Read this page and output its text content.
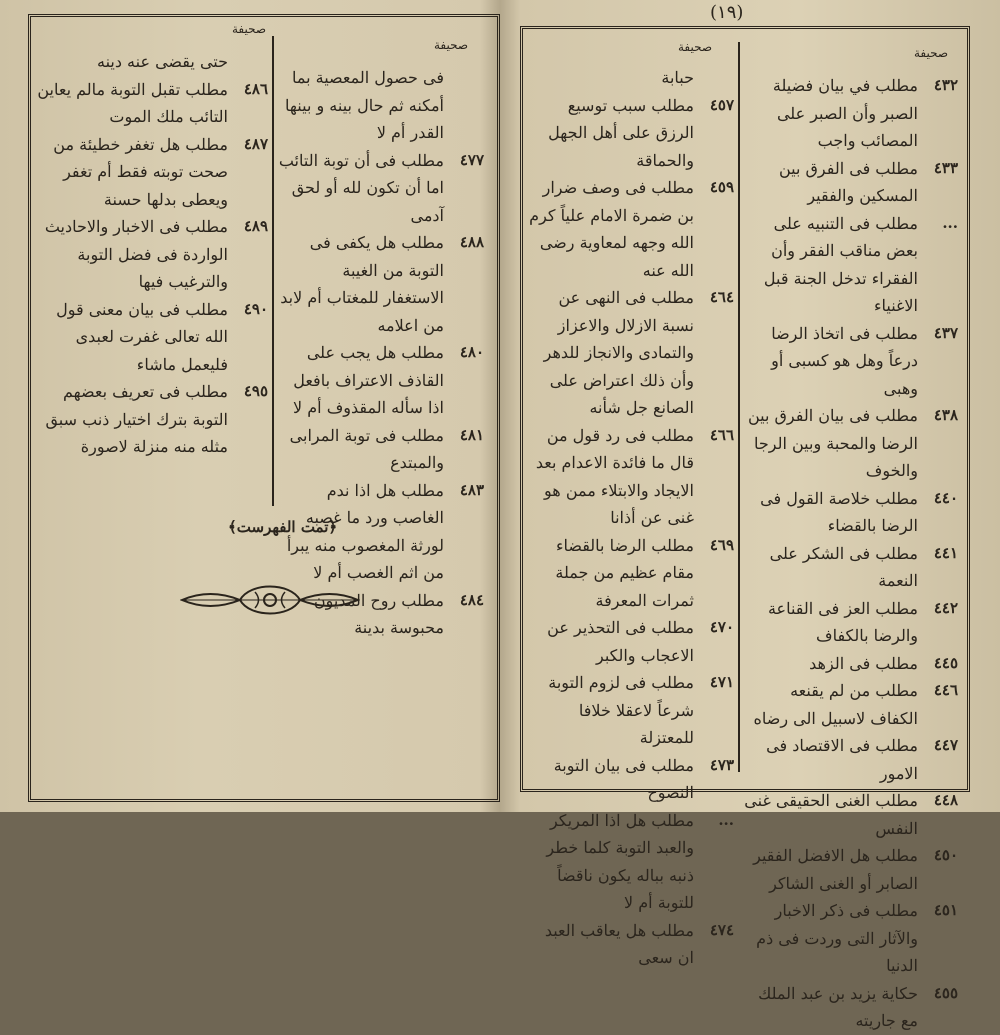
صحيفة
صحيفة
فى حصول المعصية بما أمكنه ثم حال بينه و بينها القدر أم لا
٤٧٧
مطلب فى أن توبة التائب اما أن تكون لله أو لحق آدمى
٤٨٨
مطلب هل يكفى فى التوبة من الغيبة الاستغفار للمغتاب أم لابد من اعلامه
٤٨٠
مطلب هل يجب على القاذف الاعتراف بافعل اذا سأله المقذوف أم لا
٤٨١
مطلب فى توبة المرابى والمبتدع
٤٨٣
مطلب هل اذا ندم الغاصب ورد ما غصبه لورثة المغصوب منه يبرأ من اثم الغصب أم لا
٤٨٤
مطلب روح المديون محبوسة بدينة
حتى يقضى عنه دينه
٤٨٦
مطلب تقبل التوبة مالم يعاين التائب ملك الموت
٤٨٧
مطلب هل تغفر خطيئة من صحت توبته فقط أم تغفر ويعطى بدلها حسنة
٤٨٩
مطلب فى الاخبار والاحاديث الواردة فى فضل التوبة والترغيب فيها
٤٩٠
مطلب فى بيان معنى قول الله تعالى غفرت لعبدى فليعمل ماشاء
٤٩٥
مطلب فى تعريف بعضهم التوبة بترك اختيار ذنب سبق مثله منه منزلة لاصورة
﴿تمت الفهرست﴾
(١٩)
صحيفة
صحيفة
٤٣٢
مطلب في بيان فضيلة الصبر وأن الصبر على المصائب واجب
٤٣٣
مطلب فى الفرق بين المسكين والفقير
...
مطلب فى التنبيه على بعض مناقب الفقر وأن الفقراء تدخل الجنة قبل الاغنياء
٤٣٧
مطلب فى اتخاذ الرضا درعاً وهل هو كسبى أو وهبى
٤٣٨
مطلب فى بيان الفرق بين الرضا والمحبة وبين الرجا والخوف
٤٤٠
مطلب خلاصة القول فى الرضا بالقضاء
٤٤١
مطلب فى الشكر على النعمة
٤٤٢
مطلب العز فى القناعة والرضا بالكفاف
٤٤٥
مطلب فى الزهد
٤٤٦
مطلب من لم يقنعه الكفاف لاسبيل الى رضاه
٤٤٧
مطلب فى الاقتصاد فى الامور
٤٤٨
مطلب الغنى الحقيقى غنى النفس
٤٥٠
مطلب هل الافضل الفقير الصابر أو الغنى الشاكر
٤٥١
مطلب فى ذكر الاخبار والآثار التى وردت فى ذم الدنيا
٤٥٥
حكاية يزيد بن عبد الملك مع جاريته
حبابة
٤٥٧
مطلب سبب توسيع الرزق على أهل الجهل والحماقة
٤٥٩
مطلب فى وصف ضرار بن ضمرة الامام علياً كرم الله وجهه لمعاوية رضى الله عنه
٤٦٤
مطلب فى النهى عن نسبة الازلال والاعزاز والتمادى والانجاز للدهر وأن ذلك اعتراض على الصانع جل شأنه
٤٦٦
مطلب فى رد قول من قال ما فائدة الاعدام بعد الايجاد والابتلاء ممن هو غنى عن أذانا
٤٦٩
مطلب الرضا بالقضاء مقام عظيم من جملة ثمرات المعرفة
٤٧٠
مطلب فى التحذير عن الاعجاب والكبر
٤٧١
مطلب فى لزوم التوبة شرعاً لاعقلا خلافا للمعتزلة
٤٧٣
مطلب فى بيان التوبة النصوح
...
مطلب هل اذا المريكر والعبد التوبة كلما خطر ذنبه بباله يكون ناقضاً للتوبة أم لا
٤٧٤
مطلب هل يعاقب العبد ان سعى
